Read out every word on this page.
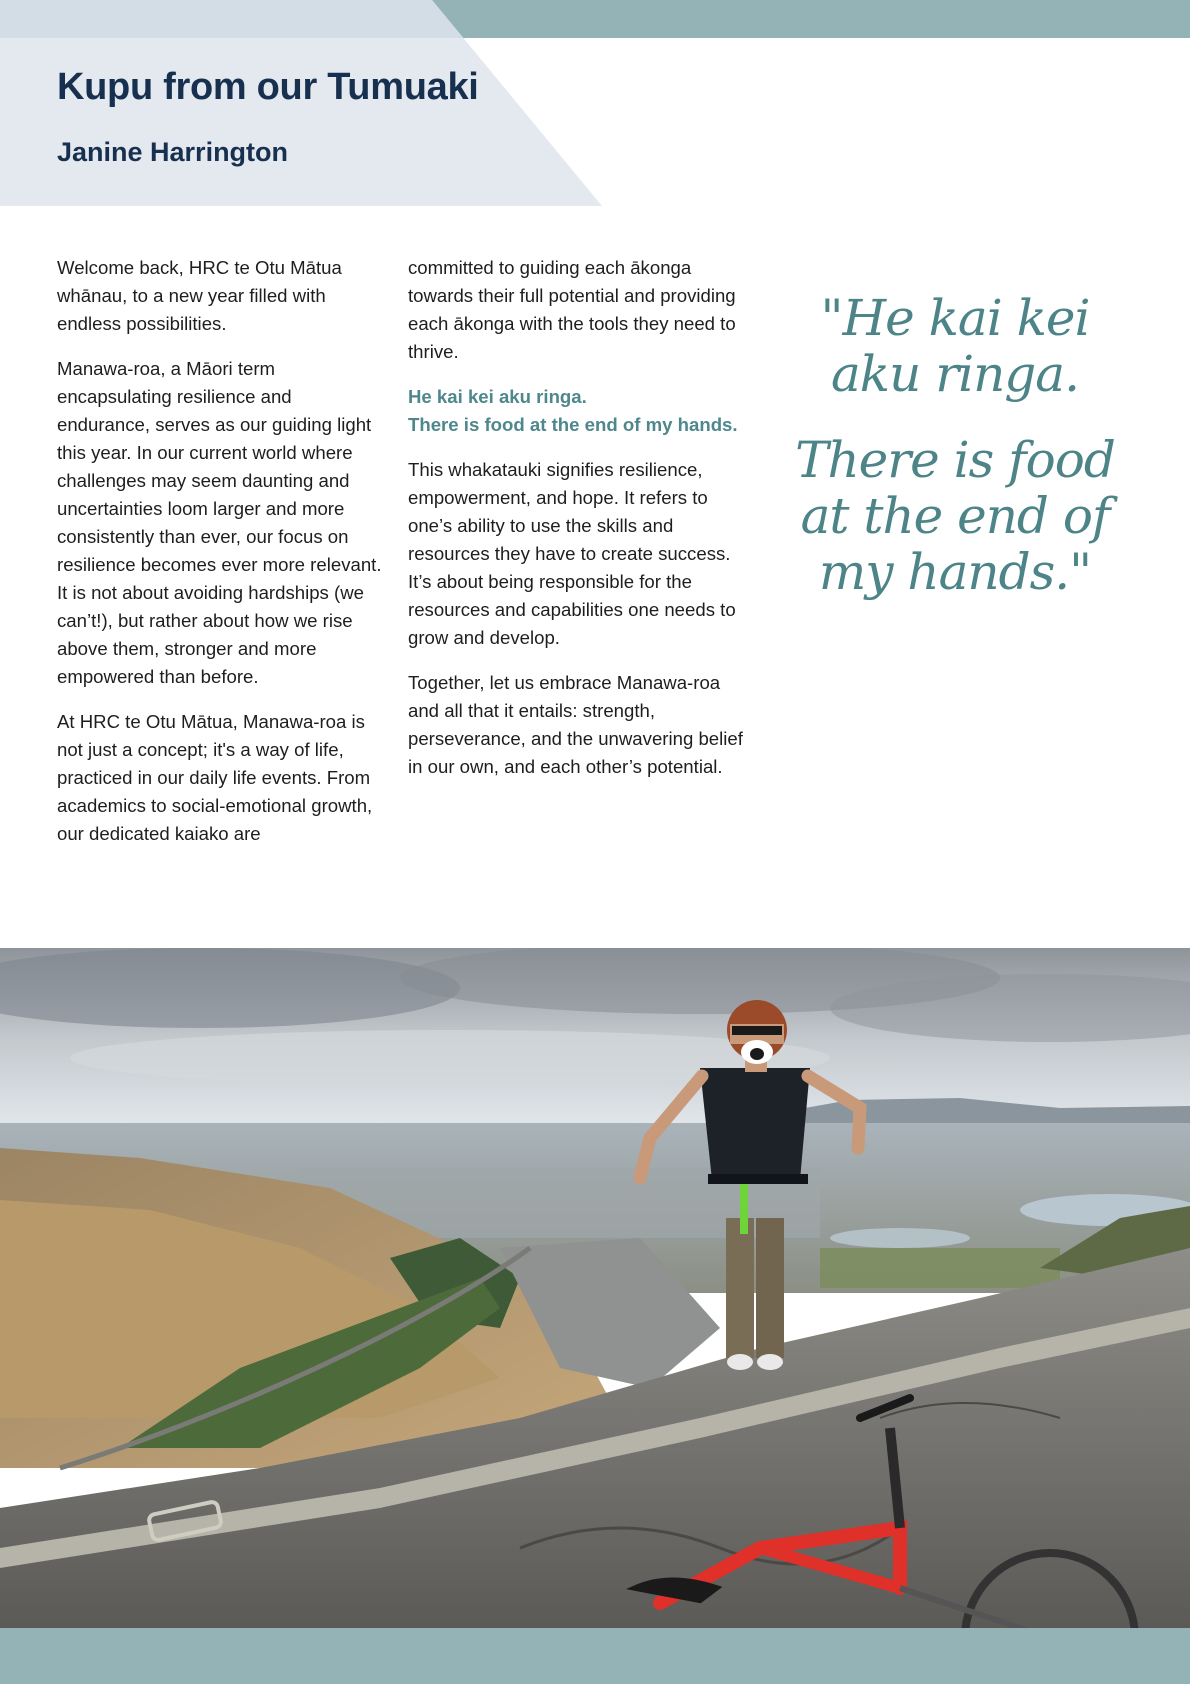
Kupu from our Tumuaki
Janine Harrington

Welcome back, HRC te Otu Mātua whānau, to a new year filled with endless possibilities.

Manawa-roa, a Māori term encapsulating resilience and endurance, serves as our guiding light this year. In our current world where challenges may seem daunting and uncertainties loom larger and more consistently than ever, our focus on resilience becomes ever more relevant. It is not about avoiding hardships (we can’t!), but rather about how we rise above them, stronger and more empowered than before.

At HRC te Otu Mātua, Manawa-roa is not just a concept; it's a way of life, practiced in our daily life events. From academics to social-emotional growth, our dedicated kaiako are

committed to guiding each ākonga towards their full potential and providing each ākonga with the tools they need to thrive.

He kai kei aku ringa.
There is food at the end of my hands.

This whakatauki signifies resilience, empowerment, and hope. It refers to one’s ability to use the skills and resources they have to create success. It’s about being responsible for the resources and capabilities one needs to grow and develop.

Together, let us embrace Manawa-roa and all that it entails: strength, perseverance, and the unwavering belief in our own, and each other’s potential.

"He kai kei aku ringa.

There is food at the end of my hands."
